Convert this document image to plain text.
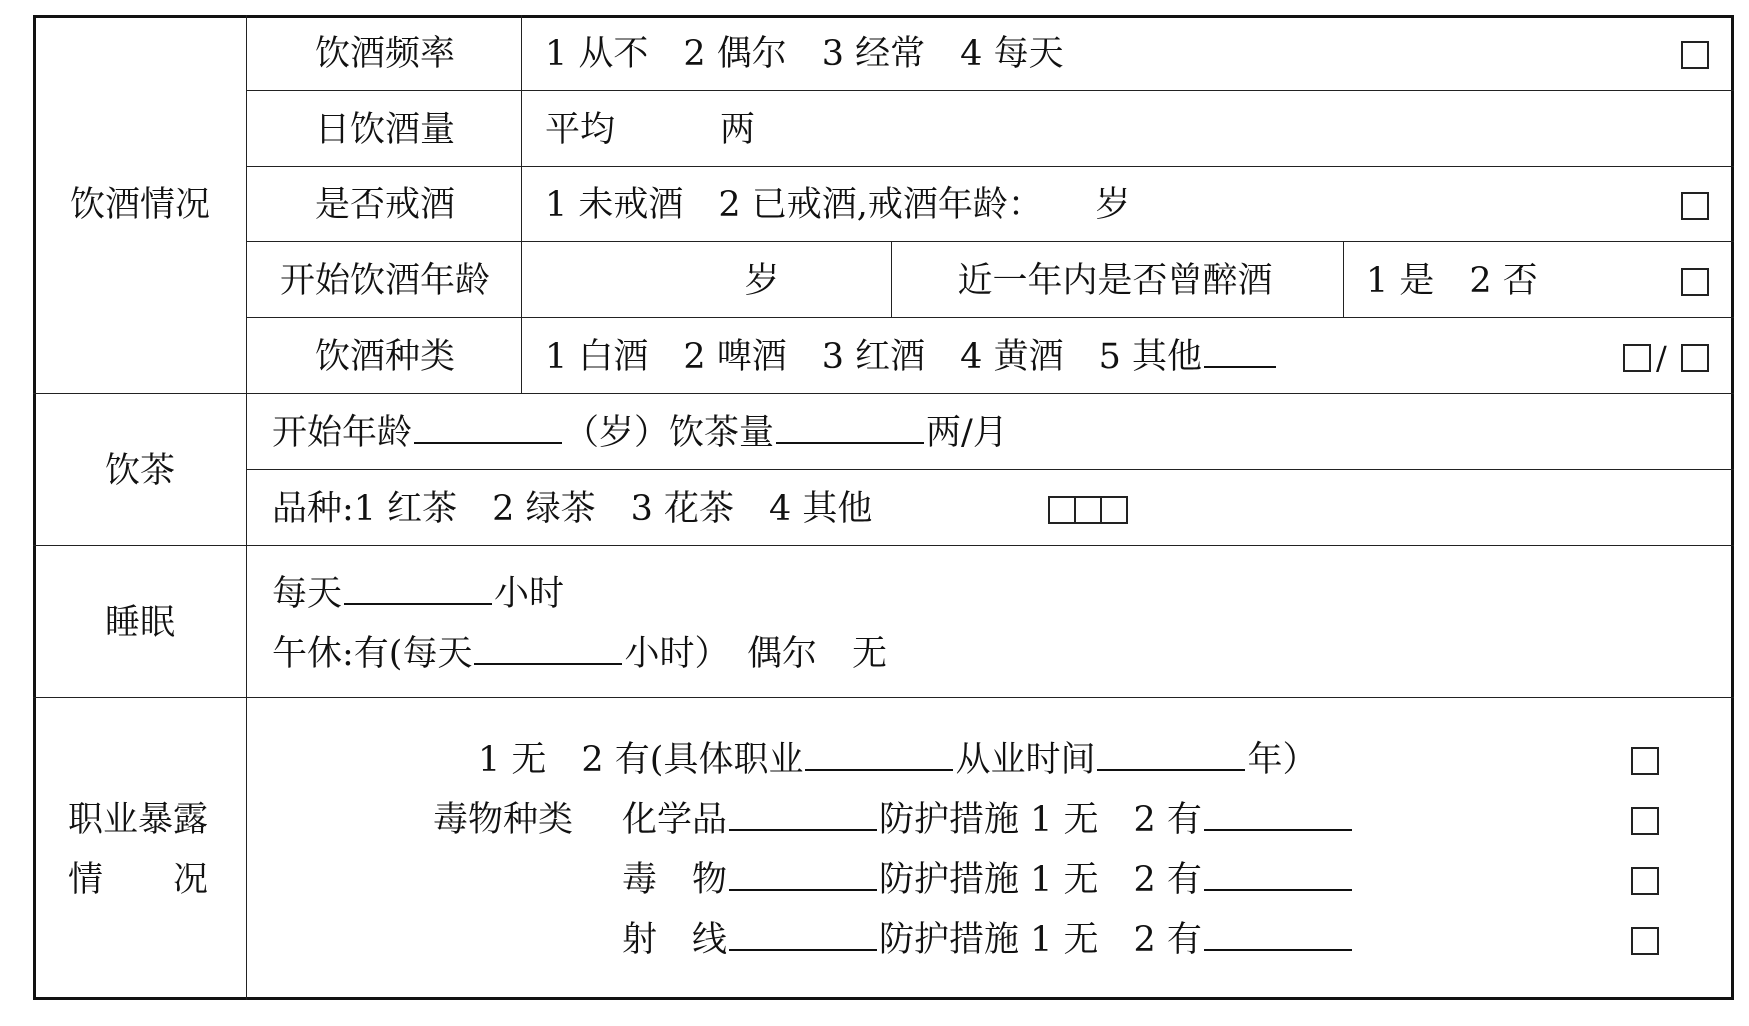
饮酒情况
饮酒频率	1 从不　2 偶尔　3 经常　4 每天
日饮酒量	平均　　　两
是否戒酒	1 未戒酒　2 已戒酒,戒酒年龄：　　岁
开始饮酒年龄	岁	近一年内是否曾醉酒	1 是　2 否
饮酒种类	1 白酒　2 啤酒　3 红酒　4 黄酒　5 其他	/
饮茶
开始年龄	（岁）饮茶量	两/月
品种:1 红茶　2 绿茶　3 花茶　4 其他
睡眠
每天	小时
午休:有(每天	小时）　偶尔　无
职业暴露
情　　况
1 无　2 有(具体职业	从业时间	年）
毒物种类 化学品	防护措施 1 无　2 有
毒　物	防护措施 1 无　2 有
射　线	防护措施 1 无　2 有
